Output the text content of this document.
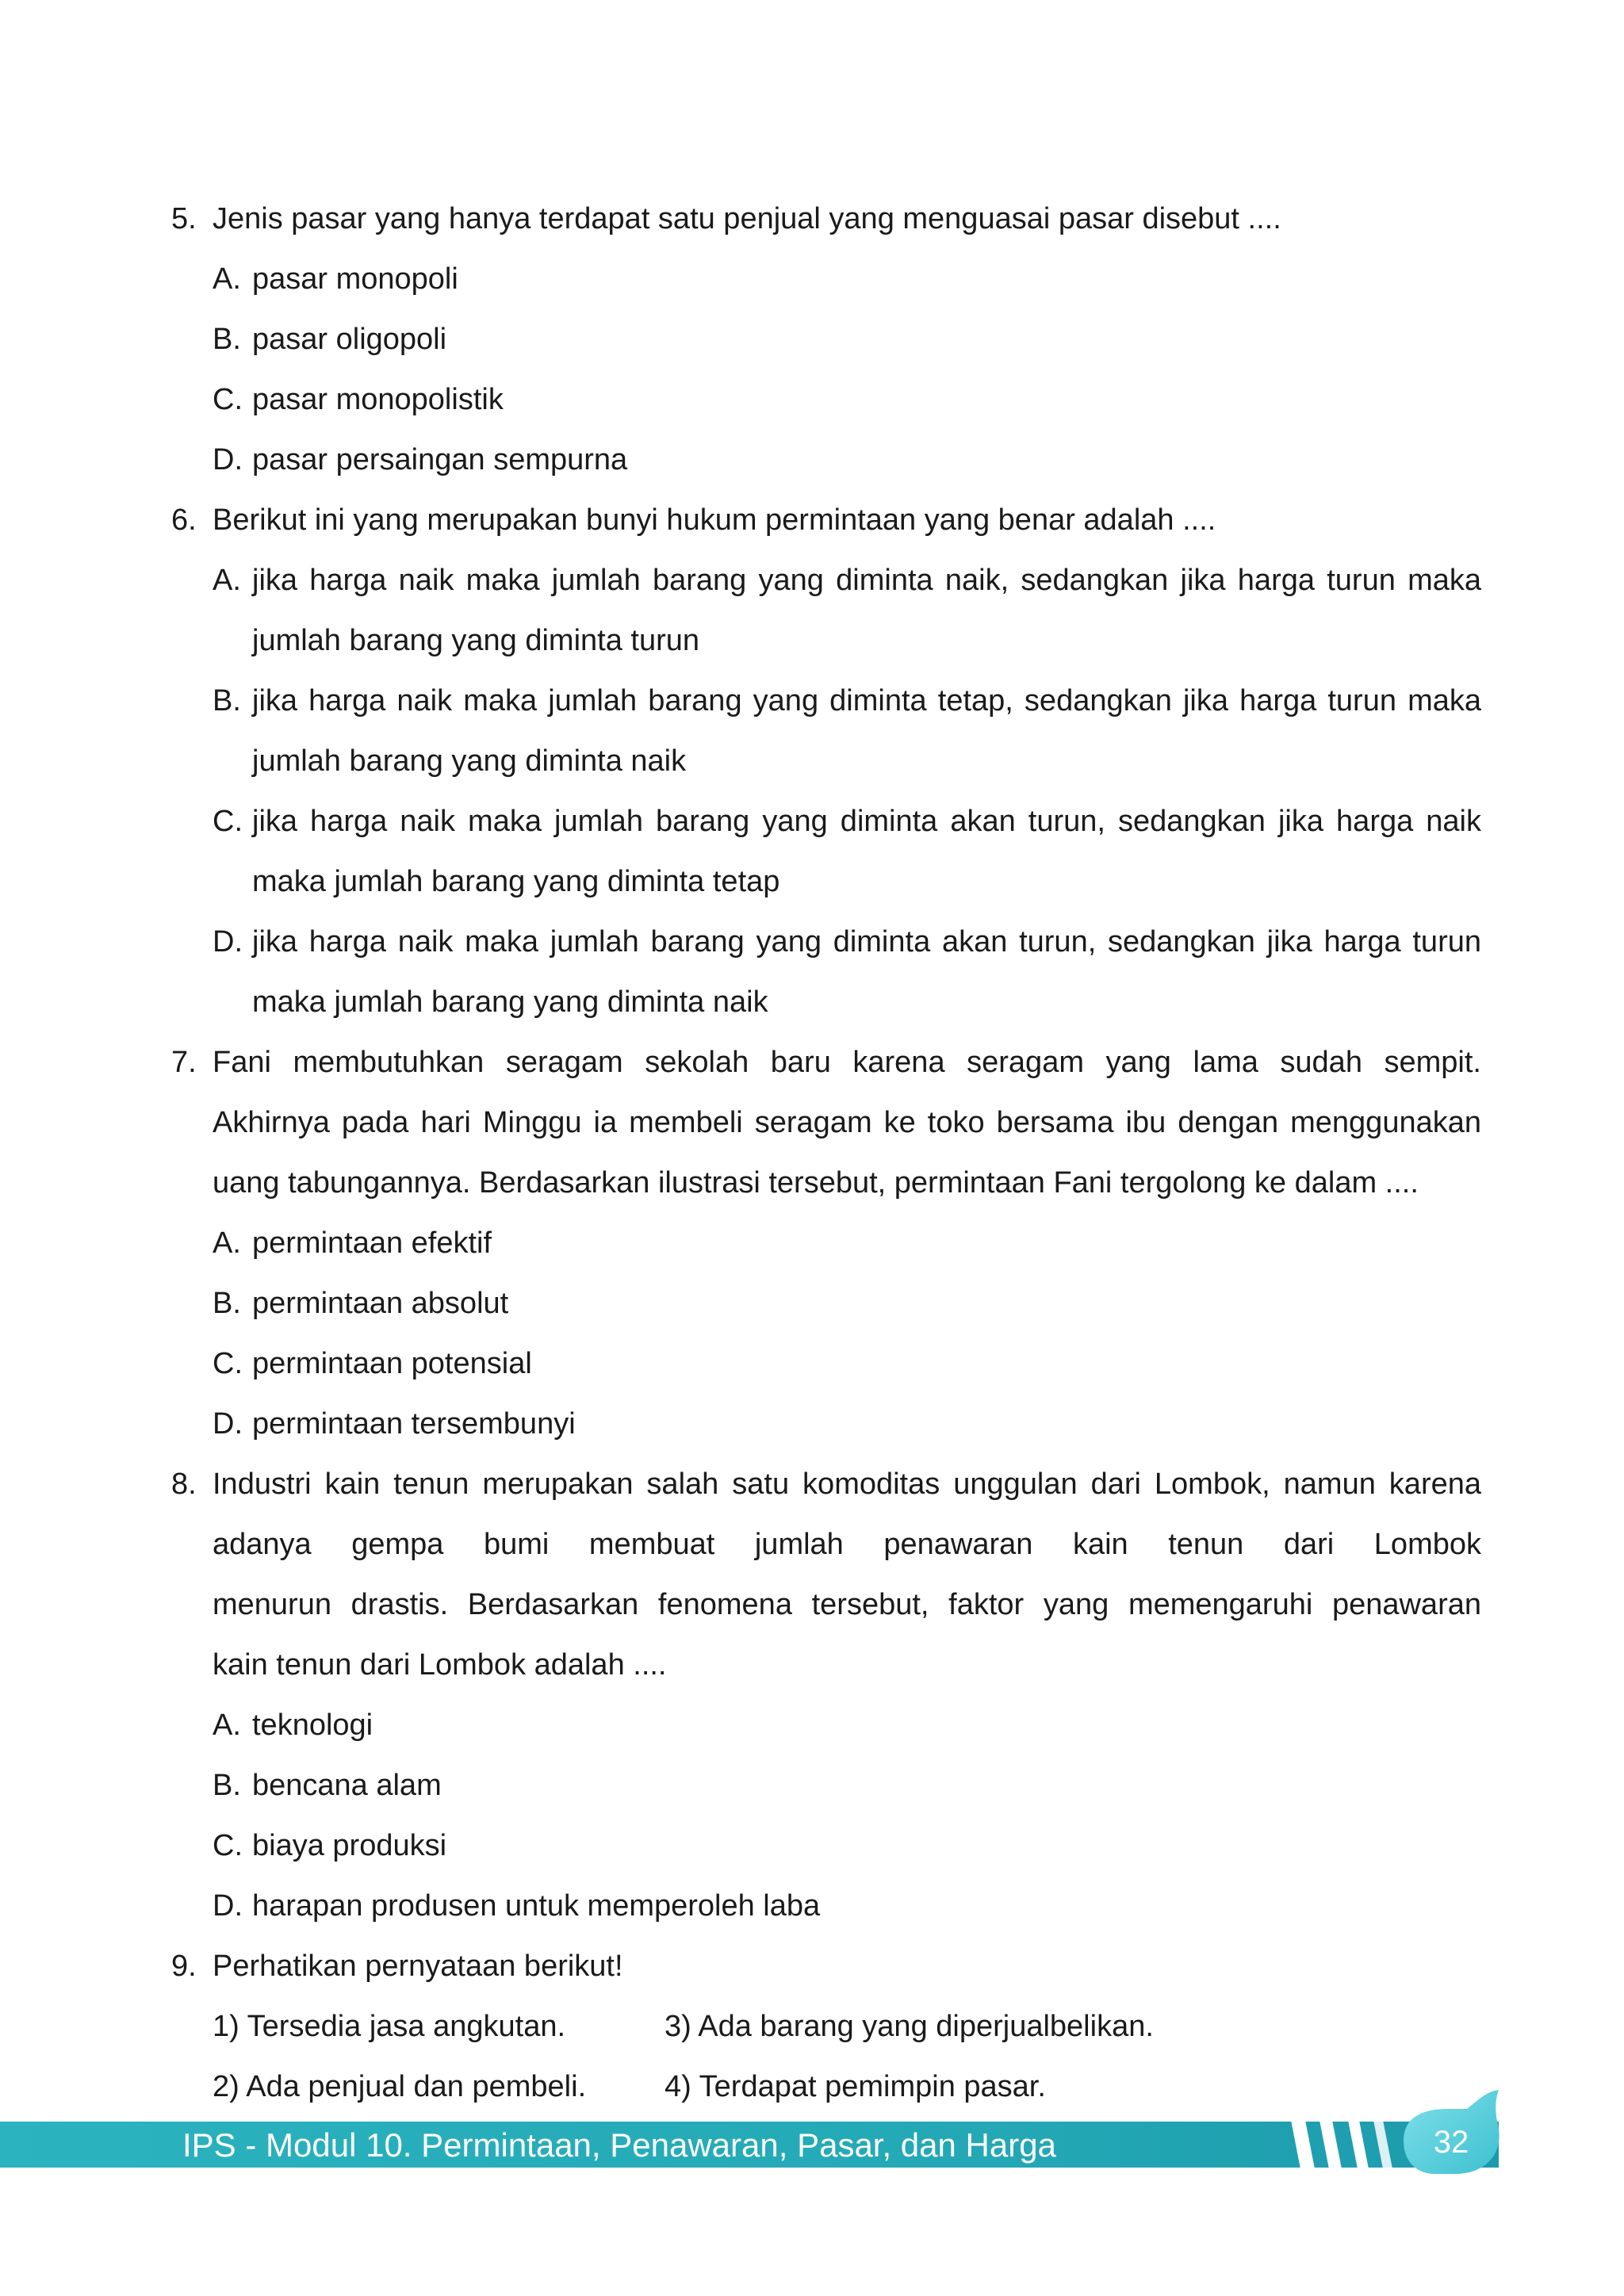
5. Jenis pasar yang hanya terdapat satu penjual yang menguasai pasar disebut ....
A. pasar monopoli
B. pasar oligopoli
C. pasar monopolistik
D. pasar persaingan sempurna
6. Berikut ini yang merupakan bunyi hukum permintaan yang benar adalah ....
A. jika harga naik maka jumlah barang yang diminta naik, sedangkan jika harga turun maka
jumlah barang yang diminta turun
B. jika harga naik maka jumlah barang yang diminta tetap, sedangkan jika harga turun maka
jumlah barang yang diminta naik
C. jika harga naik maka jumlah barang yang diminta akan turun, sedangkan jika harga naik
maka jumlah barang yang diminta tetap
D. jika harga naik maka jumlah barang yang diminta akan turun, sedangkan jika harga turun
maka jumlah barang yang diminta naik
7. Fani membutuhkan seragam sekolah baru karena seragam yang lama sudah sempit.
Akhirnya pada hari Minggu ia membeli seragam ke toko bersama ibu dengan menggunakan
uang tabungannya. Berdasarkan ilustrasi tersebut, permintaan Fani tergolong ke dalam ....
A. permintaan efektif
B. permintaan absolut
C. permintaan potensial
D. permintaan tersembunyi
8. Industri kain tenun merupakan salah satu komoditas unggulan dari Lombok, namun karena
adanya gempa bumi membuat jumlah penawaran kain tenun dari Lombok
menurun drastis. Berdasarkan fenomena tersebut, faktor yang memengaruhi penawaran
kain tenun dari Lombok adalah ....
A. teknologi
B. bencana alam
C. biaya produksi
D. harapan produsen untuk memperoleh laba
9. Perhatikan pernyataan berikut!
1) Tersedia jasa angkutan.	3) Ada barang yang diperjualbelikan.
2) Ada penjual dan pembeli.	4) Terdapat pemimpin pasar.
IPS - Modul 10. Permintaan, Penawaran, Pasar, dan Harga	32
